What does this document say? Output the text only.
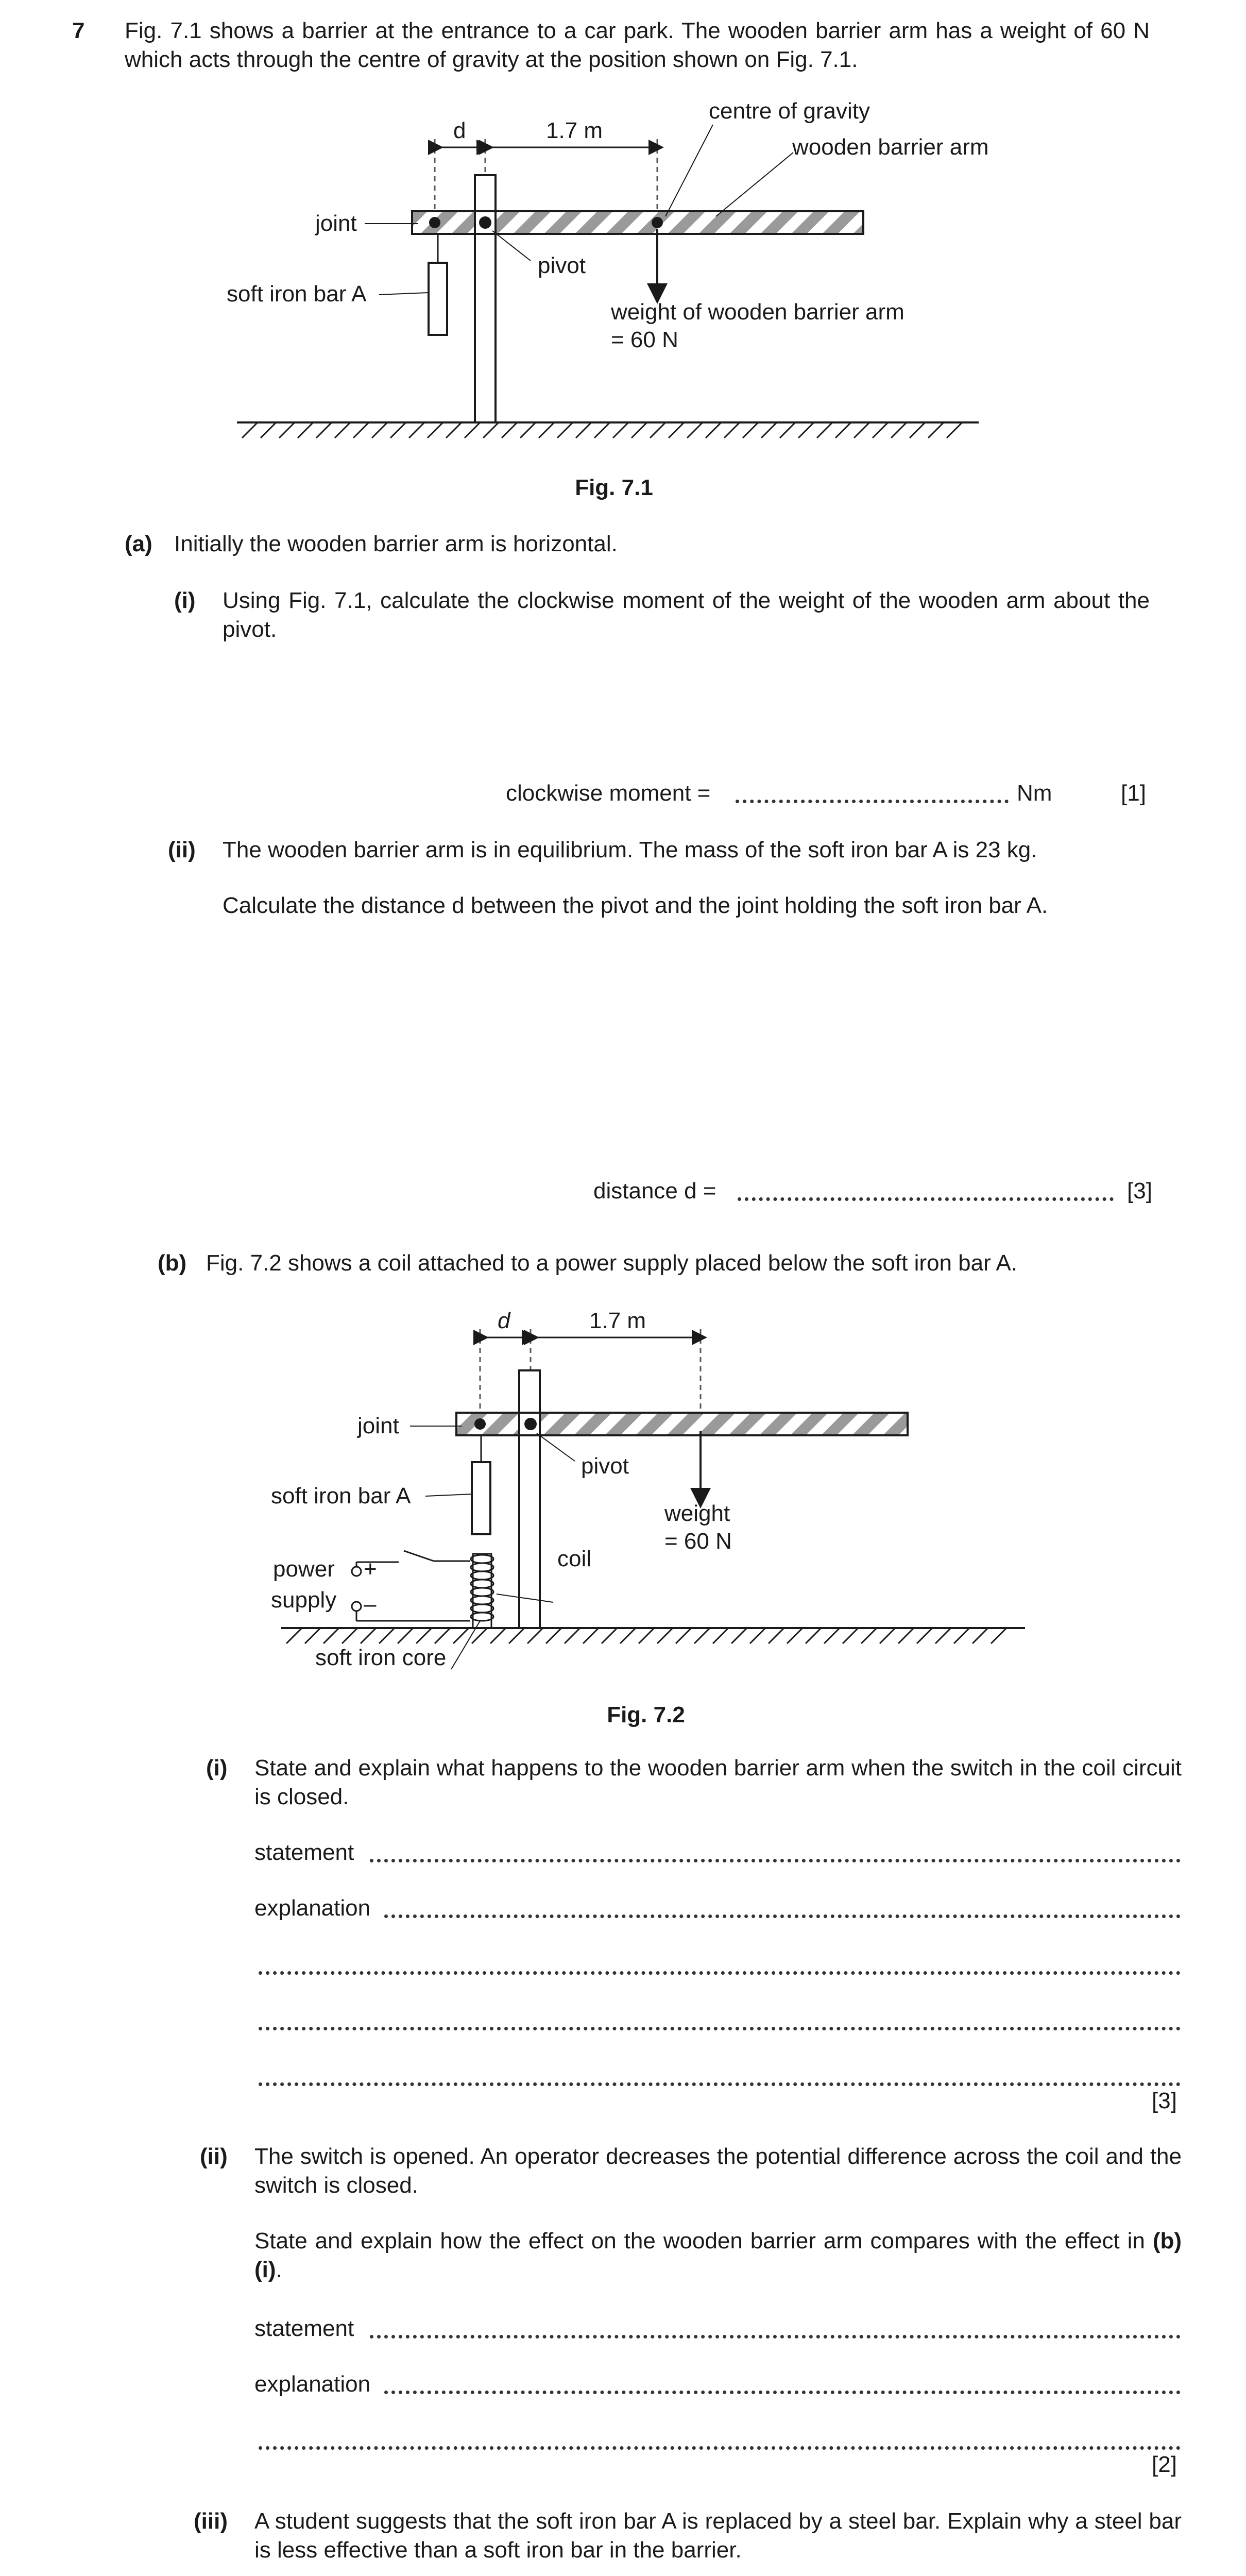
7 Fig. 7.1 shows a barrier at the entrance to a car park. The wooden barrier arm has a weight of 60 N which acts through the centre of gravity at the position shown on Fig. 7.1.
d	1.7 m
joint
soft iron bar A
pivot
centre of gravity
wooden barrier arm
weight of wooden barrier arm
= 60 N
Fig. 7.1
(a) Initially the wooden barrier arm is horizontal.
(i) Using Fig. 7.1, calculate the clockwise moment of the weight of the wooden arm about the pivot.
clockwise moment =	Nm	[1]
(ii) The wooden barrier arm is in equilibrium. The mass of the soft iron bar A is 23 kg.
Calculate the distance d between the pivot and the joint holding the soft iron bar A.
distance d =	[3]
(b) Fig. 7.2 shows a coil attached to a power supply placed below the soft iron bar A.
d	1.7 m
joint
soft iron bar A
pivot
weight
= 60 N
power
supply
+
–
coil
soft iron core
Fig. 7.2
(i) State and explain what happens to the wooden barrier arm when the switch in the coil circuit is closed.
statement
explanation
[3]
(ii) The switch is opened. An operator decreases the potential difference across the coil and the switch is closed.
State and explain how the effect on the wooden barrier arm compares with the effect in (b)(i).
statement
explanation
[2]
(iii) A student suggests that the soft iron bar A is replaced by a steel bar. Explain why a steel bar is less effective than a soft iron bar in the barrier.
